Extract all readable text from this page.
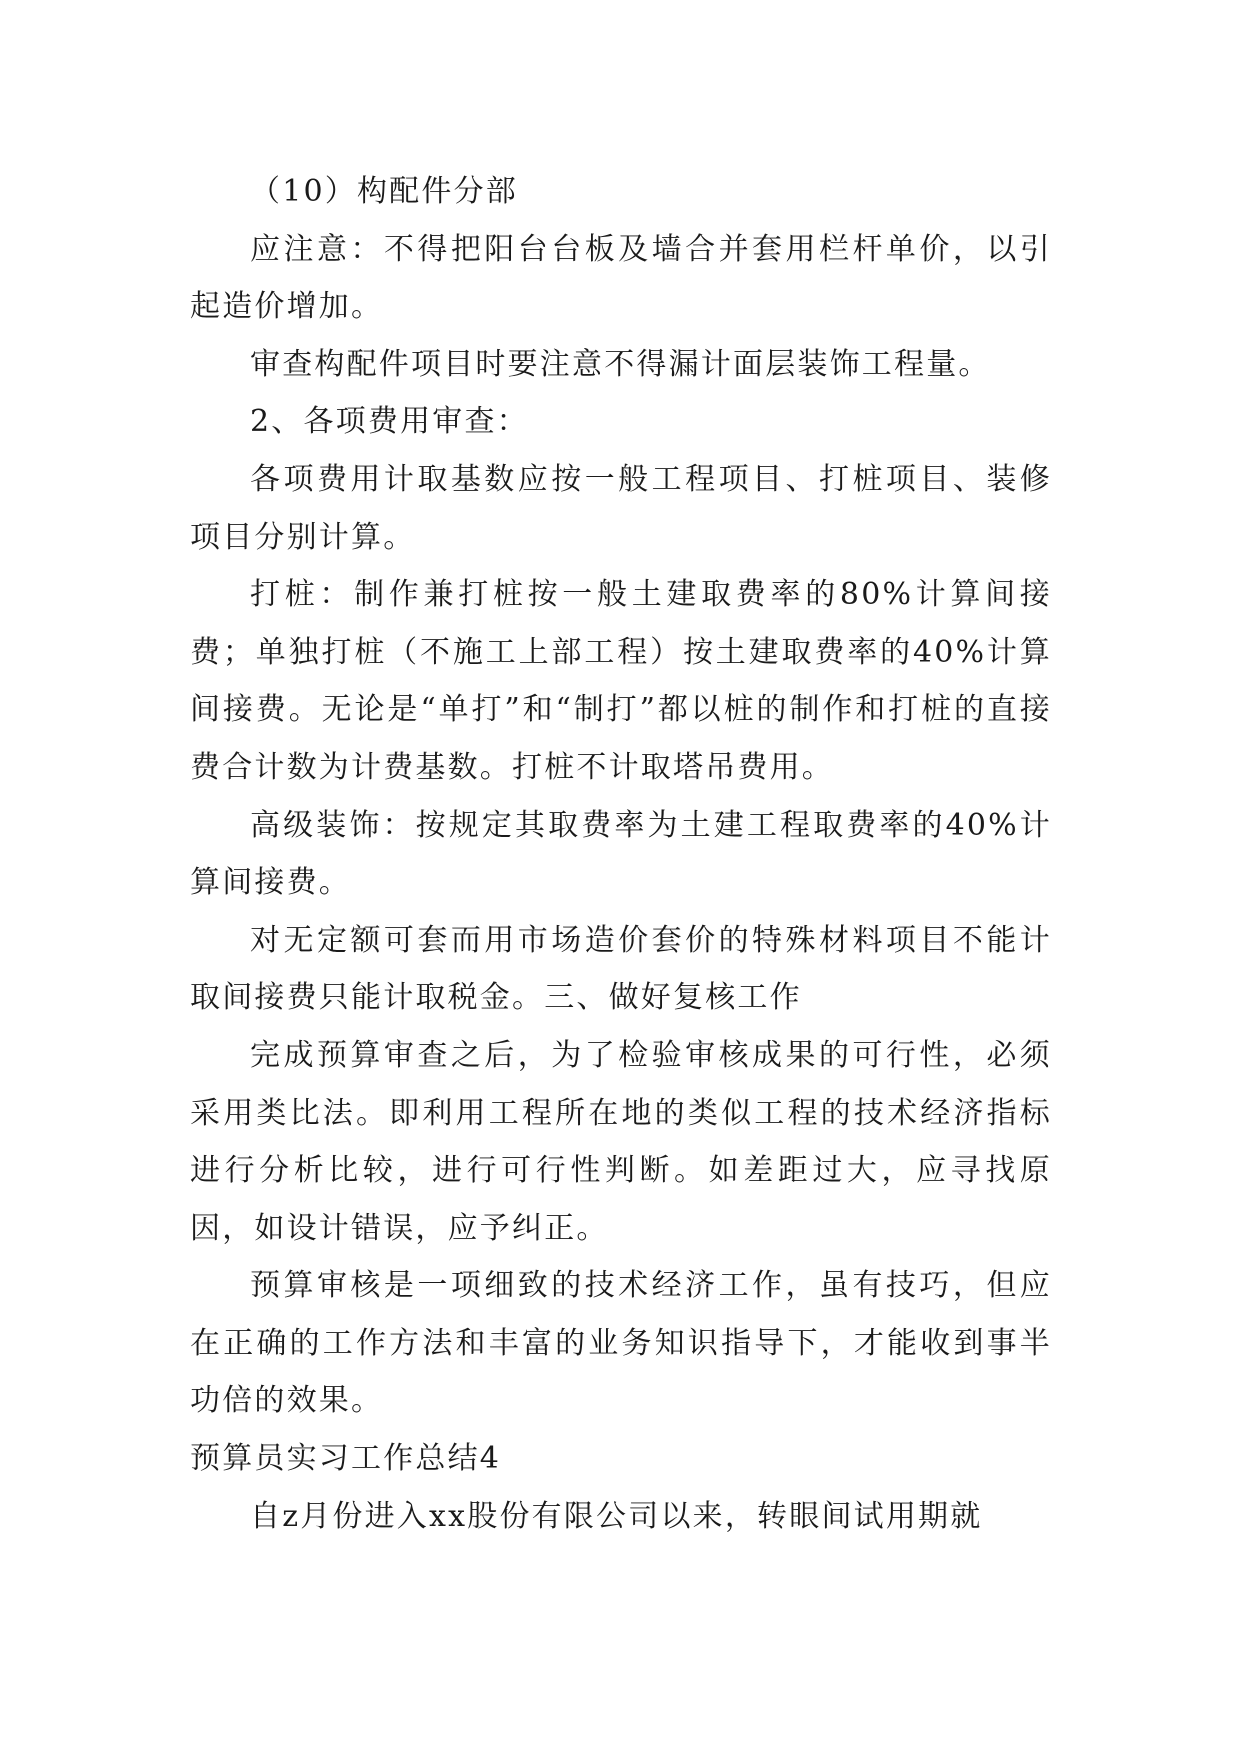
（10）构配件分部

应注意：不得把阳台台板及墙合并套用栏杆单价，以引起造价增加。

审查构配件项目时要注意不得漏计面层装饰工程量。

2、各项费用审查：

各项费用计取基数应按一般工程项目、打桩项目、装修项目分别计算。

打桩：制作兼打桩按一般土建取费率的80%计算间接费；单独打桩（不施工上部工程）按土建取费率的40%计算间接费。无论是“单打”和“制打”都以桩的制作和打桩的直接费合计数为计费基数。打桩不计取塔吊费用。

高级装饰：按规定其取费率为土建工程取费率的40%计算间接费。

对无定额可套而用市场造价套价的特殊材料项目不能计取间接费只能计取税金。三、做好复核工作

完成预算审查之后，为了检验审核成果的可行性，必须采用类比法。即利用工程所在地的类似工程的技术经济指标进行分析比较，进行可行性判断。如差距过大，应寻找原因，如设计错误，应予纠正。

预算审核是一项细致的技术经济工作，虽有技巧，但应在正确的工作方法和丰富的业务知识指导下，才能收到事半功倍的效果。

预算员实习工作总结4

自z月份进入xx股份有限公司以来，转眼间试用期就
